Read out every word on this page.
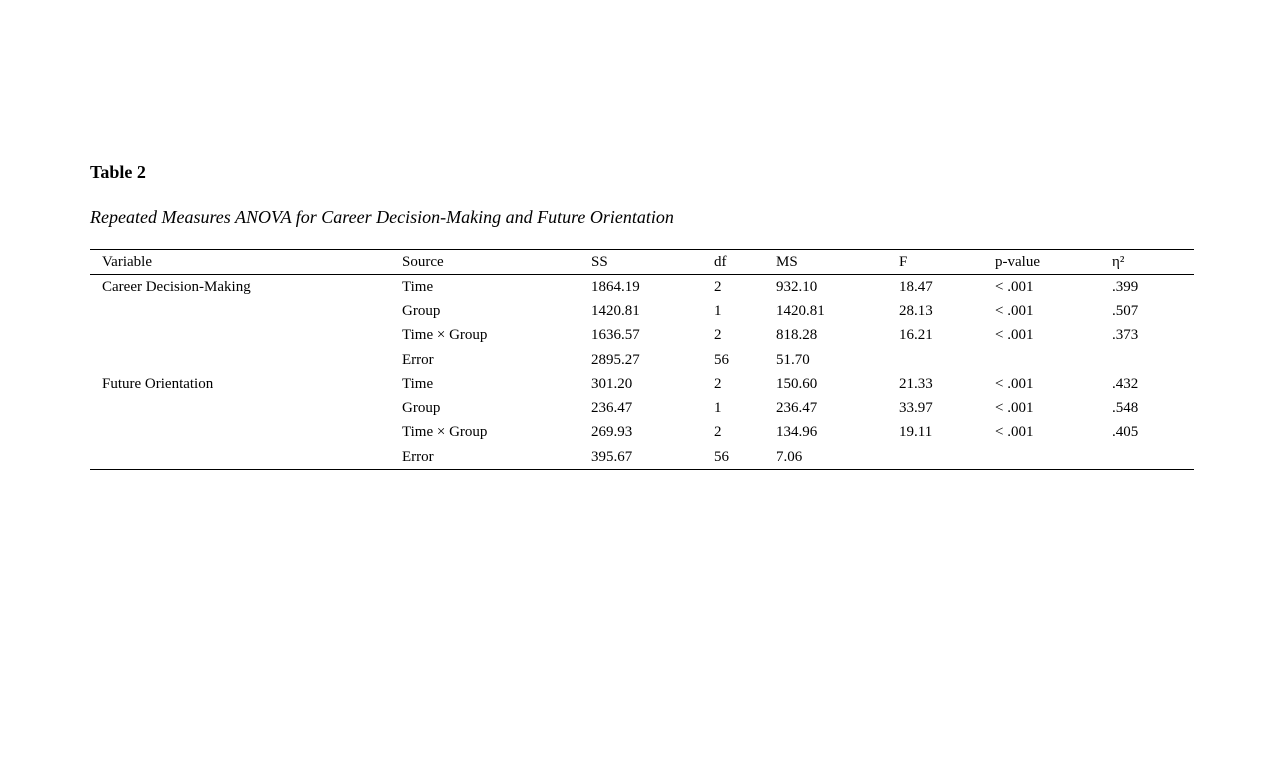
Table 2
Repeated Measures ANOVA for Career Decision-Making and Future Orientation
Variable	Source	SS	df	MS	F	p-value	η²
Career Decision-Making	Time	1864.19	2	932.10	18.47	< .001	.399
	Group	1420.81	1	1420.81	28.13	< .001	.507
	Time × Group	1636.57	2	818.28	16.21	< .001	.373
	Error	2895.27	56	51.70			
Future Orientation	Time	301.20	2	150.60	21.33	< .001	.432
	Group	236.47	1	236.47	33.97	< .001	.548
	Time × Group	269.93	2	134.96	19.11	< .001	.405
	Error	395.67	56	7.06			
